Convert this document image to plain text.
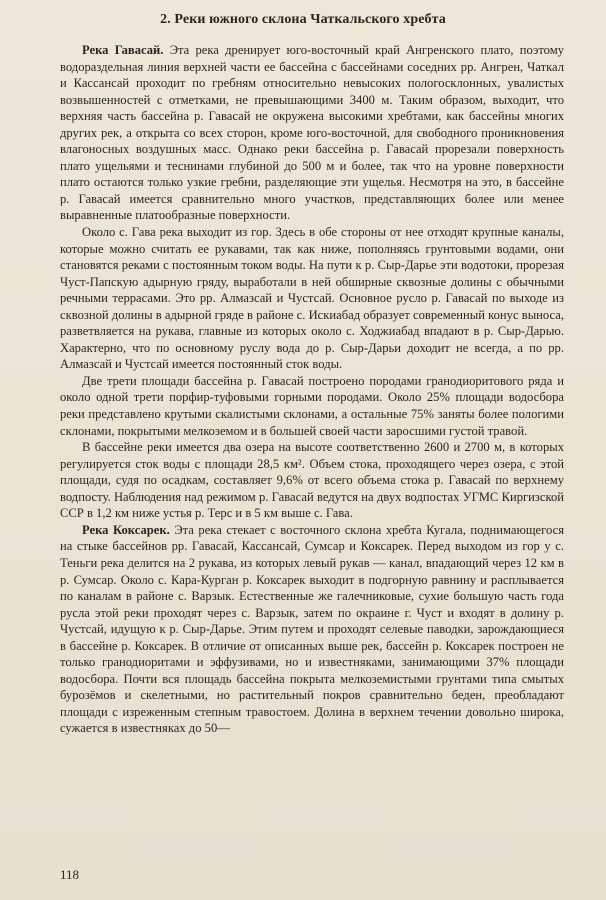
2. Реки южного склона Чаткальского хребта

Река Гавасай. Эта река дренирует юго-восточный край Ангренского плато, поэтому водораздельная линия верхней части ее бассейна с бассейнами соседних рр. Ангрен, Чаткал и Кассансай проходит по гребням относительно невысоких пологосклонных, увалистых возвышенностей с отметками, не превышающими 3400 м. Таким образом, выходит, что верхняя часть бассейна р. Гавасай не окружена высокими хребтами, как бассейны многих других рек, а открыта со всех сторон, кроме юго-восточной, для свободного проникновения влагоносных воздушных масс. Однако реки бассейна р. Гавасай прорезали поверхность плато ущельями и теснинами глубиной до 500 м и более, так что на уровне поверхности плато остаются только узкие гребни, разделяющие эти ущелья. Несмотря на это, в бассейне р. Гавасай имеется сравнительно много участков, представляющих более или менее выравненные платообразные поверхности.

Около с. Гава река выходит из гор. Здесь в обе стороны от нее отходят крупные каналы, которые можно считать ее рукавами, так как ниже, пополняясь грунтовыми водами, они становятся реками с постоянным током воды. На пути к р. Сыр-Дарье эти водотоки, прорезая Чуст-Папскую адырную гряду, выработали в ней обширные сквозные долины с обычными речными террасами. Это рр. Алмазсай и Чустсай. Основное русло р. Гавасай по выходе из сквозной долины в адырной гряде в районе с. Искиабад образует современный конус выноса, разветвляется на рукава, главные из которых около с. Ходжиабад впадают в р. Сыр-Дарью. Характерно, что по основному руслу вода до р. Сыр-Дарьи доходит не всегда, а по рр. Алмазсай и Чустсай имеется постоянный сток воды.

Две трети площади бассейна р. Гавасай построено породами гранодиоритового ряда и около одной трети порфир-туфовыми горными породами. Около 25% площади водосбора реки представлено крутыми скалистыми склонами, а остальные 75% заняты более пологими склонами, покрытыми мелкоземом и в большей своей части заросшими густой травой.

В бассейне реки имеется два озера на высоте соответственно 2600 и 2700 м, в которых регулируется сток воды с площади 28,5 км². Объем стока, проходящего через озера, с этой площади, судя по осадкам, составляет 9,6% от всего объема стока р. Гавасай по верхнему водпосту. Наблюдения над режимом р. Гавасай ведутся на двух водпостах УГМС Киргизской ССР в 1,2 км ниже устья р. Терс и в 5 км выше с. Гава.

Река Коксарек. Эта река стекает с восточного склона хребта Кугала, поднимающегося на стыке бассейнов рр. Гавасай, Кассансай, Сумсар и Коксарек. Перед выходом из гор у с. Теньги река делится на 2 рукава, из которых левый рукав — канал, впадающий через 12 км в р. Сумсар. Около с. Кара-Курган р. Коксарек выходит в подгорную равнину и расплывается по каналам в районе с. Варзык. Естественные же галечниковые, сухие большую часть года русла этой реки проходят через с. Варзык, затем по окраине г. Чуст и входят в долину р. Чустсай, идущую к р. Сыр-Дарье. Этим путем и проходят селевые паводки, зарождающиеся в бассейне р. Коксарек. В отличие от описанных выше рек, бассейн р. Коксарек построен не только гранодиоритами и эффузивами, но и известняками, занимающими 37% площади водосбора. Почти вся площадь бассейна покрыта мелкоземистыми грунтами типа смытых бурозёмов и скелетными, но растительный покров сравнительно беден, преобладают площади с изреженным степным травостоем. Долина в верхнем течении довольно широка, сужается в известняках до 50—

118
